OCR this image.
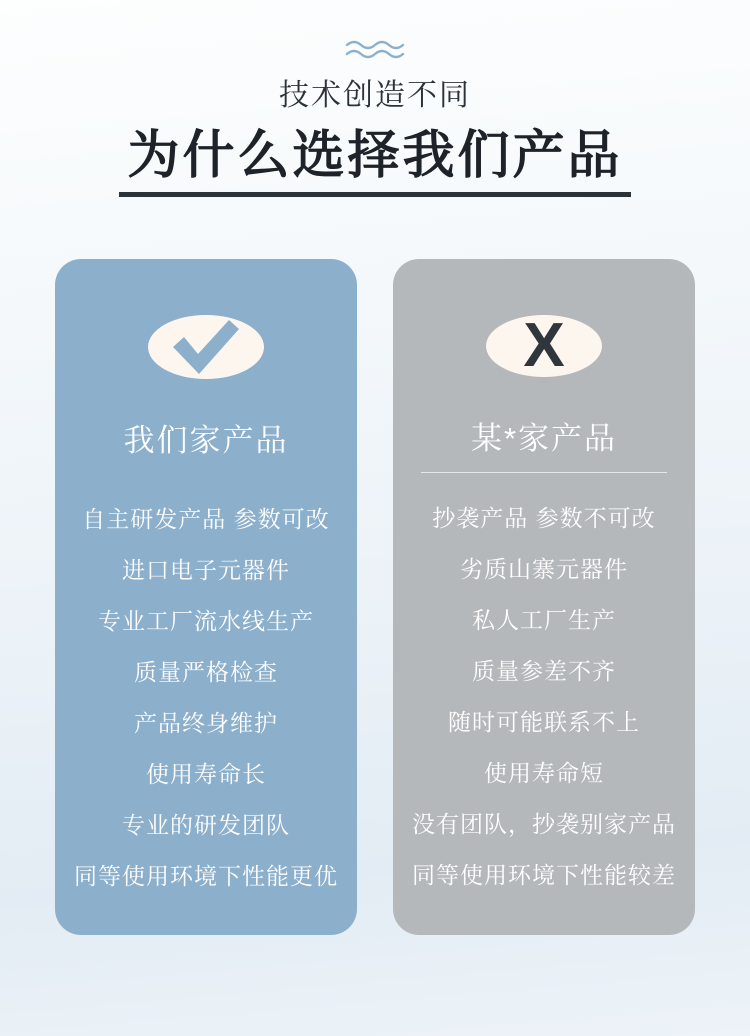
技术创造不同
为什么选择我们产品
我们家产品
自主研发产品 参数可改
进口电子元器件
专业工厂流水线生产
质量严格检查
产品终身维护
使用寿命长
专业的研发团队
同等使用环境下性能更优
X
某*家产品
抄袭产品 参数不可改
劣质山寨元器件
私人工厂生产
质量参差不齐
随时可能联系不上
使用寿命短
没有团队，抄袭别家产品
同等使用环境下性能较差
